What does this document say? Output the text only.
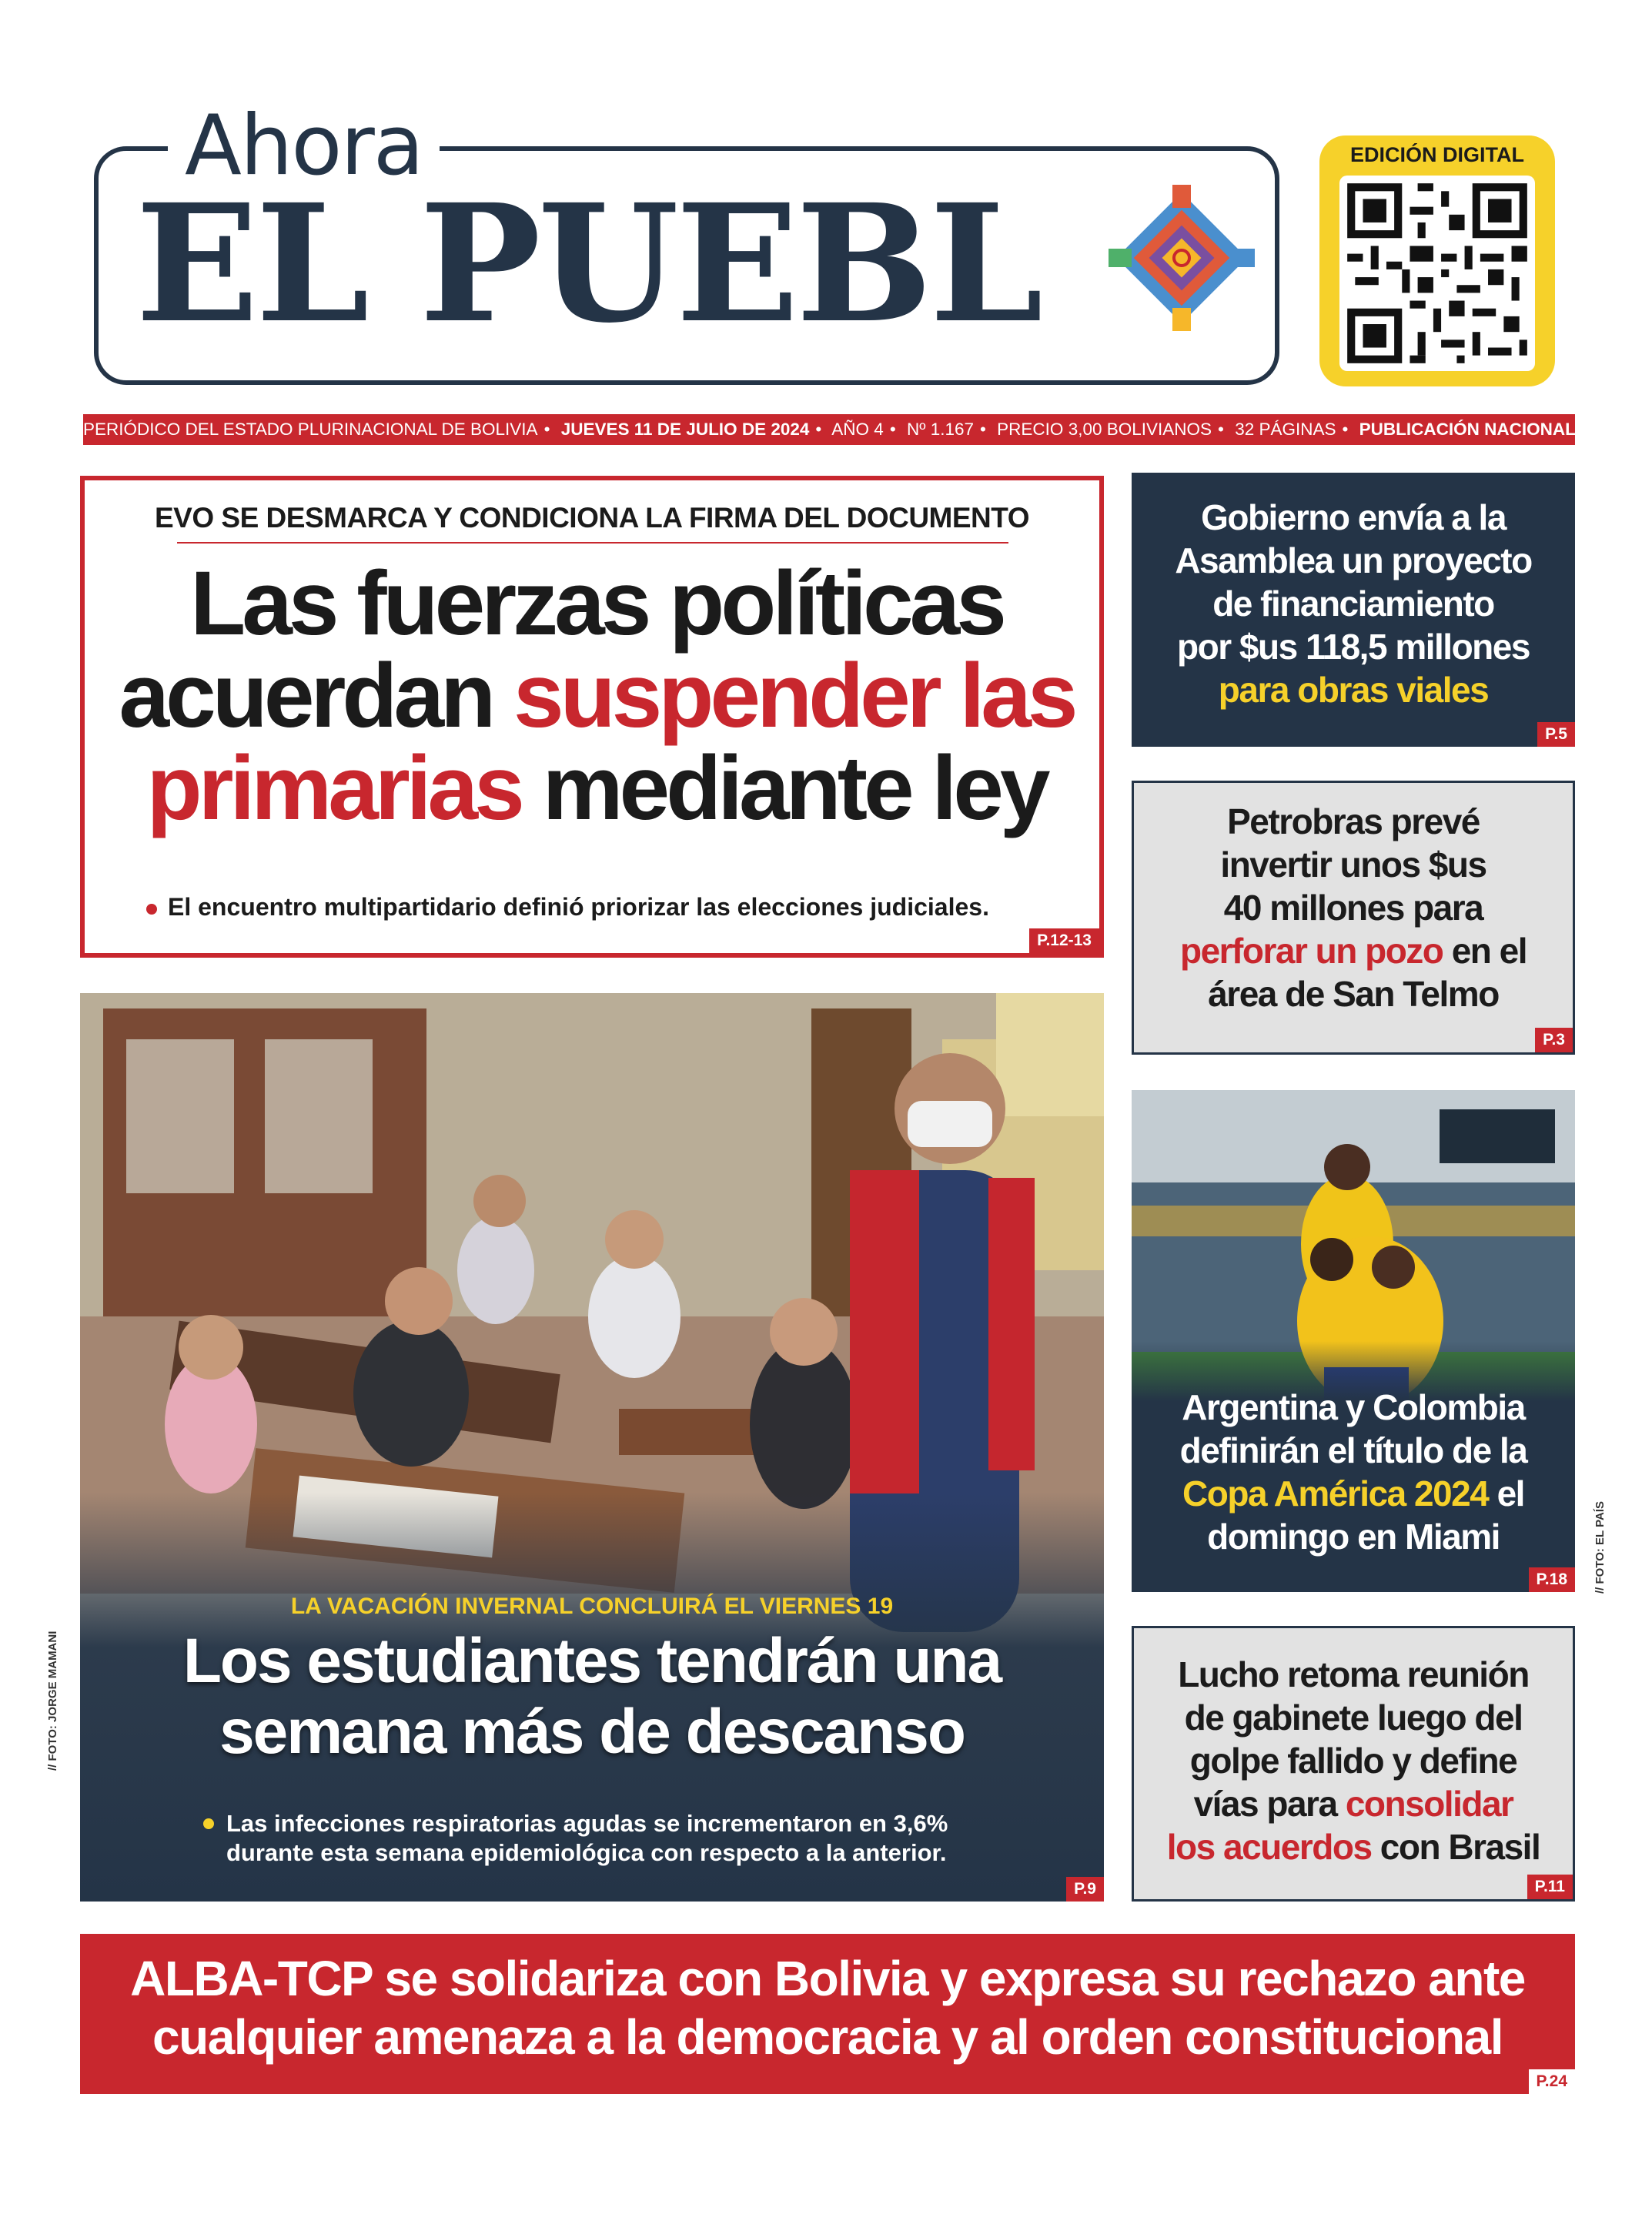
Ahora
EL PUEBL
EDICIÓN DIGITAL
PERIÓDICO DEL ESTADO PLURINACIONAL DE BOLIVIA • JUEVES 11 DE JULIO DE 2024 • AÑO 4 • Nº 1.167 • PRECIO 3,00 BOLIVIANOS • 32 PÁGINAS • PUBLICACIÓN NACIONAL
EVO SE DESMARCA Y CONDICIONA LA FIRMA DEL DOCUMENTO
Las fuerzas políticas
acuerdan suspender las
primarias mediante ley
El encuentro multipartidario definió priorizar las elecciones judiciales.
P.12-13
LA VACACIÓN INVERNAL CONCLUIRÁ EL VIERNES 19
Los estudiantes tendrán una
semana más de descanso
Las infecciones respiratorias agudas se incrementaron en 3,6%
durante esta semana epidemiológica con respecto a la anterior.
P.9
// FOTO: JORGE MAMANI
Gobierno envía a la
Asamblea un proyecto
de financiamiento
por $us 118,5 millones
para obras viales
P.5
Petrobras prevé
invertir unos $us
40 millones para
perforar un pozo en el
área de San Telmo
P.3
Argentina y Colombia
definirán el título de la
Copa América 2024 el
domingo en Miami
P.18	// FOTO: EL PAÍS
Lucho retoma reunión
de gabinete luego del
golpe fallido y define
vías para consolidar
los acuerdos con Brasil
P.11
ALBA-TCP se solidariza con Bolivia y expresa su rechazo ante
cualquier amenaza a la democracia y al orden constitucional
P.24
